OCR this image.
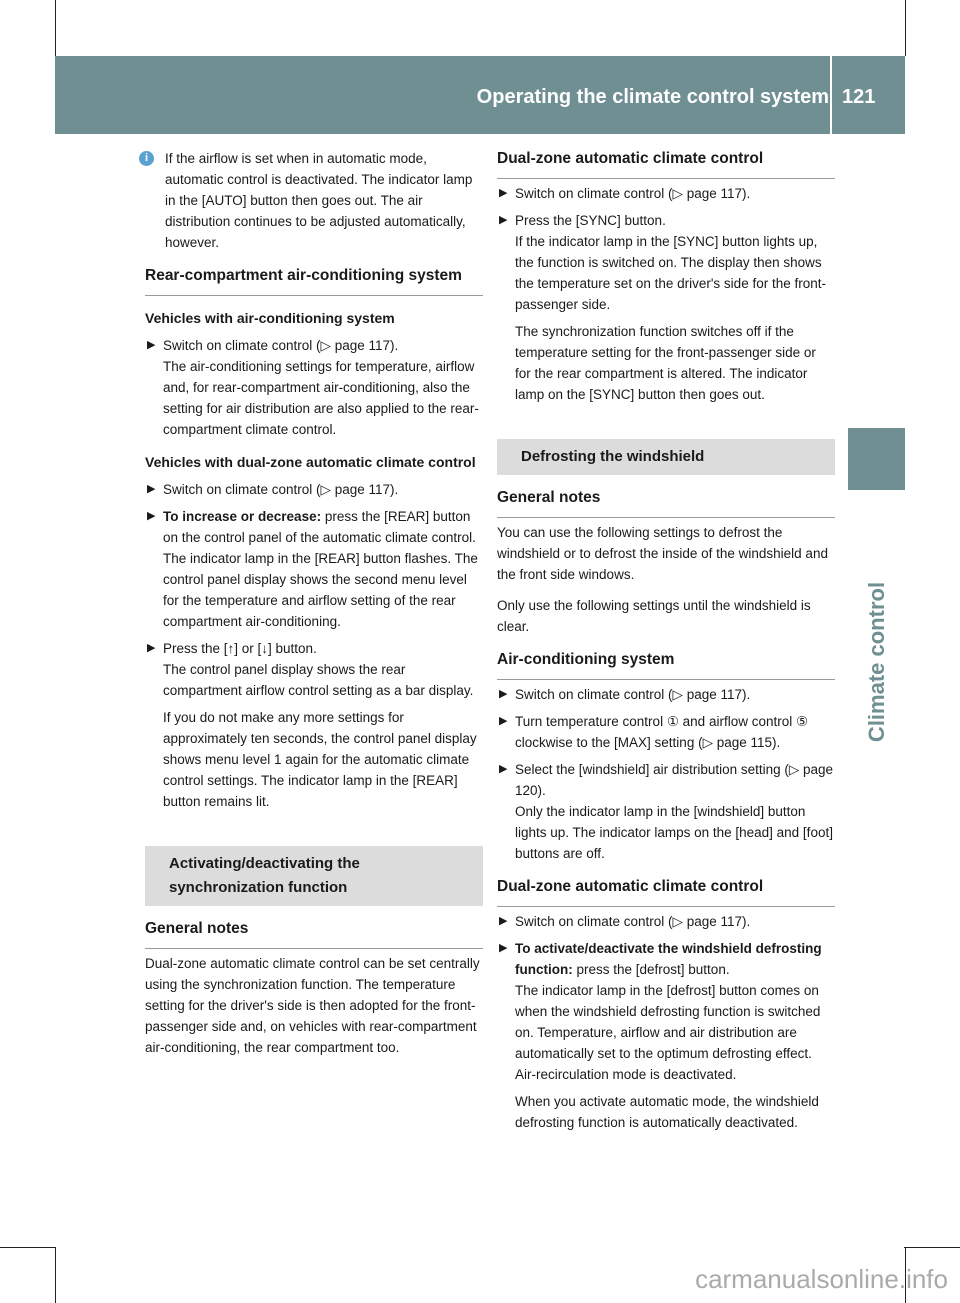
Operating the climate control system 121
Climate control
i	If the airflow is set when in automatic mode, automatic control is deactivated. The indicator lamp in the [AUTO] button then goes out. The air distribution continues to be adjusted automatically, however.
Rear-compartment air-conditioning system
Vehicles with air-conditioning system
▶ Switch on climate control (▷ page 117).
The air-conditioning settings for temperature, airflow and, for rear-compartment air-conditioning, also the setting for air distribution are also applied to the rear-compartment climate control.
Vehicles with dual-zone automatic climate control
▶ Switch on climate control (▷ page 117).
▶ To increase or decrease: press the [REAR] button on the control panel of the automatic climate control.
The indicator lamp in the [REAR] button flashes. The control panel display shows the second menu level for the temperature and airflow setting of the rear compartment air-conditioning.
▶ Press the [↑] or [↓] button.
The control panel display shows the rear compartment airflow control setting as a bar display.
If you do not make any more settings for approximately ten seconds, the control panel display shows menu level 1 again for the automatic climate control settings. The indicator lamp in the [REAR] button remains lit.
Activating/deactivating the synchronization function
General notes
Dual-zone automatic climate control can be set centrally using the synchronization function. The temperature setting for the driver's side is then adopted for the front-passenger side and, on vehicles with rear-compartment air-conditioning, the rear compartment too.
Dual-zone automatic climate control
▶ Switch on climate control (▷ page 117).
▶ Press the [SYNC] button.
If the indicator lamp in the [SYNC] button lights up, the function is switched on. The display then shows the temperature set on the driver's side for the front-passenger side.
The synchronization function switches off if the temperature setting for the front-passenger side or for the rear compartment is altered. The indicator lamp on the [SYNC] button then goes out.
Defrosting the windshield
General notes
You can use the following settings to defrost the windshield or to defrost the inside of the windshield and the front side windows.
Only use the following settings until the windshield is clear.
Air-conditioning system
▶ Switch on climate control (▷ page 117).
▶ Turn temperature control ① and airflow control ⑤ clockwise to the [MAX] setting (▷ page 115).
▶ Select the [windshield] air distribution setting (▷ page 120).
Only the indicator lamp in the [windshield] button lights up. The indicator lamps on the [head] and [foot] buttons are off.
Dual-zone automatic climate control
▶ Switch on climate control (▷ page 117).
▶ To activate/deactivate the windshield defrosting function: press the [defrost] button.
The indicator lamp in the [defrost] button comes on when the windshield defrosting function is switched on. Temperature, airflow and air distribution are automatically set to the optimum defrosting effect. Air-recirculation mode is deactivated.
When you activate automatic mode, the windshield defrosting function is automatically deactivated.
carmanualsonline.info
